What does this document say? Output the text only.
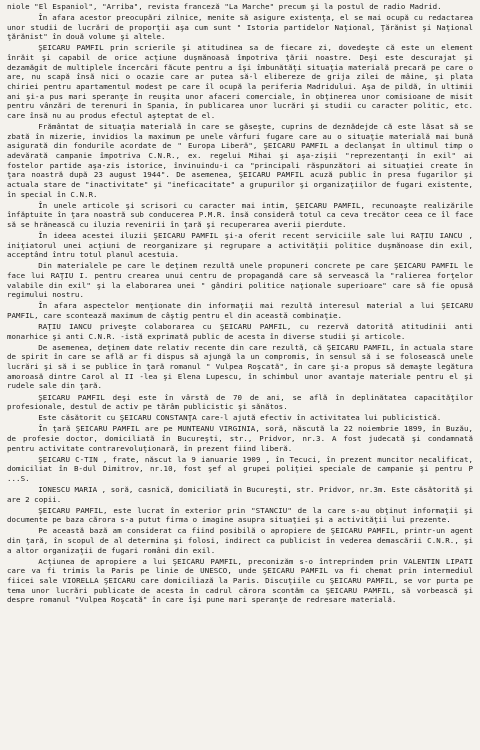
niole "El Espaniol", "Arriba", revista franceză "La Marche" precum şi la postul de radio Madrid.

În afara acestor preocupări zilnice, menite să asigure existenţa, el se mai ocupă cu redactarea unor studii de lucrări de proporţii aşa cum sunt " Istoria partidelor Naţional, Ţărănist şi Naţional ţărănist" în două volume şi altele.

ŞEICARU PAMFIL prin scrierile şi atitudinea sa de fiecare zi, dovedeşte că este un element înrăit şi capabil de orice acţiune duşmănoasă împotriva ţării noastre. Deşi este descurajat şi dezamăgit de multiplele încercări făcute pentru a îşi îmbunătăţi situaţia materială precară pe care o are, nu scapă însă nici o ocazie care ar putea să-l elibereze de grija zilei de mâine, şi plata chiriei pentru apartamentul modest pe care îl ocupă la periferia Madridului. Aşa de pildă, în ultimii ani şi-a pus mari speranţe în reuşita unor afaceri comerciale, în obţinerea unor comisioane de misit pentru vânzări de terenuri în Spania, în publicarea unor lucrări şi studii cu caracter politic, etc. care însă nu au produs efectul aşteptat de el.

Frământat de situaţia materială în care se găseşte, cuprins de deznădejde că este lăsat să se zbată în mizerie, invidios la maximum pe unele vârfuri fugare care au o situaţie materială mai bună asigurată din fondurile acordate de " Europa Liberă", ŞEICARU PAMFIL a declanşat în ultimul timp o adevărată campanie împotriva C.N.R., ex. regelui Mihai şi aşa-zişii "reprezentanţi în exil" ai fostelor partide aşa-zis istorice, învinuindu-i ca "principali răspunzători ai situaţiei create în ţara noastră după 23 august 1944". De asemenea, ŞEICARU PAMFIL acuză public în presa fugarilor şi actuala stare de "inactivitate" şi "ineficacitate" a grupurilor şi organizaţiilor de fugari existente, în special în C.N.R.

În unele articole şi scrisori cu caracter mai intim, ŞEICARU PAMFIL, recunoaşte realizările înfăptuite în ţara noastră sub conducerea P.M.R. însă consideră totul ca ceva trecător ceea ce îl face să se hrănească cu iluzia revenirii în ţară şi recuperarea averii pierdute.

În ideea acestei iluzii ŞEICARU PAMFIL şi-a oferit recent serviciile sale lui RAŢIU IANCU , iniţiatorul unei acţiuni de reorganizare şi regrupare a activităţii politice duşmănoase din exil, acceptând întru totul planul acestuia.

Din materialele pe care le deţinem rezultă unele propuneri concrete pe care ŞEICARU PAMFIL le face lui RAŢIU I. pentru crearea unui centru de propagandă care să servească la "ralierea forţelor valabile din exil" şi la elaborarea unei " gândiri politice naţionale superioare" care să fie opusă regimului nostru.

În afara aspectelor menţionate din informaţii mai rezultă interesul material a lui ŞEICARU PAMFIL, care scontează maximum de câştig pentru el din aceastǎ combinaţie.

RAŢIU IANCU priveşte colaborarea cu ŞEICARU PAMFIL, cu rezervă datorită atitudinii anti monarhice şi anti C.N.R. -istă exprimată public de acesta în diverse studii şi articole.

De asemenea, deţinem date relativ recente din care rezultă, că ŞEICARU PAMFIL, în actuala stare de spirit în care se află ar fi dispus să ajungă la un compromis, în sensul să i se folosească unele lucrări şi să i se publice în ţară romanul " Vulpea Roşcată", în care şi-a propus să demaşte legătura amoroasă dintre Carol al II -lea şi Elena Lupescu, în schimbul unor avantaje materiale pentru el şi rudele sale din ţară.

ŞEICARU PAMFIL deşi este în vârstă de 70 de ani, se află în deplinătatea capacităţilor profesionale, destul de activ pe tărâm publicistic şi sănătos.

Este căsătorit cu ŞEICARU CONSTANŢA care-l ajută efectiv în activitatea lui publicistică.

În ţară ŞEICARU PAMFIL are pe MUNTEANU VIRGINIA, soră, născută la 22 noiembrie 1899, în Buzău, de profesie doctor, domiciliată în Bucureşti, str., Pridvor, nr.3. A fost judecată şi condamnată pentru activitate contrarevoluţionară, în prezent fiind liberă.

ŞEICARU C-TIN , frate, născut la 9 ianuarie 1909 , în Tecuci, în prezent muncitor necalificat, domiciliat în B-dul Dimitrov, nr.10, fost şef al grupei poliţiei speciale de campanie şi pentru P ...S.

IONESCU MARIA , soră, casnică, domiciliată în Bucureşti, str. Pridvor, nr.3m. Este căsătorită şi are 2 copii.

ŞEICARU PAMFIL, este lucrat în exterior prin "STANCIU" de la care s-au obţinut informaţii şi documente pe baza cărora s-a putut firma o imagine asupra situaţiei şi a activităţii lui prezente.

Pe această bază am considerat ca fiind posibilă o apropiere de ŞEICARU PAMFIL, printr-un agent din ţară, în scopul de al determina şi folosi, indirect ca publicist în vederea demascării C.N.R., şi a altor organizaţii de fugari români din exil.

Acţiunea de apropiere a lui ŞEICARU PAMFIL, preconizăm s-o întreprindem prin VALENTIN LIPATI care va fi trimis la Paris pe linie de UNESCO, unde ŞEICARU PAMFIL va fi chemat prin intermediul fiicei sale VIORELLA ŞEICARU care domiciliază la Paris. Discuţiile cu ŞEICARU PAMFIL, se vor purta pe tema unor lucrări publicate de acesta în cadrul cărora scontăm ca ŞEICARU PAMFIL, să vorbească şi despre romanul "Vulpea Roşcată" în care îşi pune mari speranţe de redresare materială.
